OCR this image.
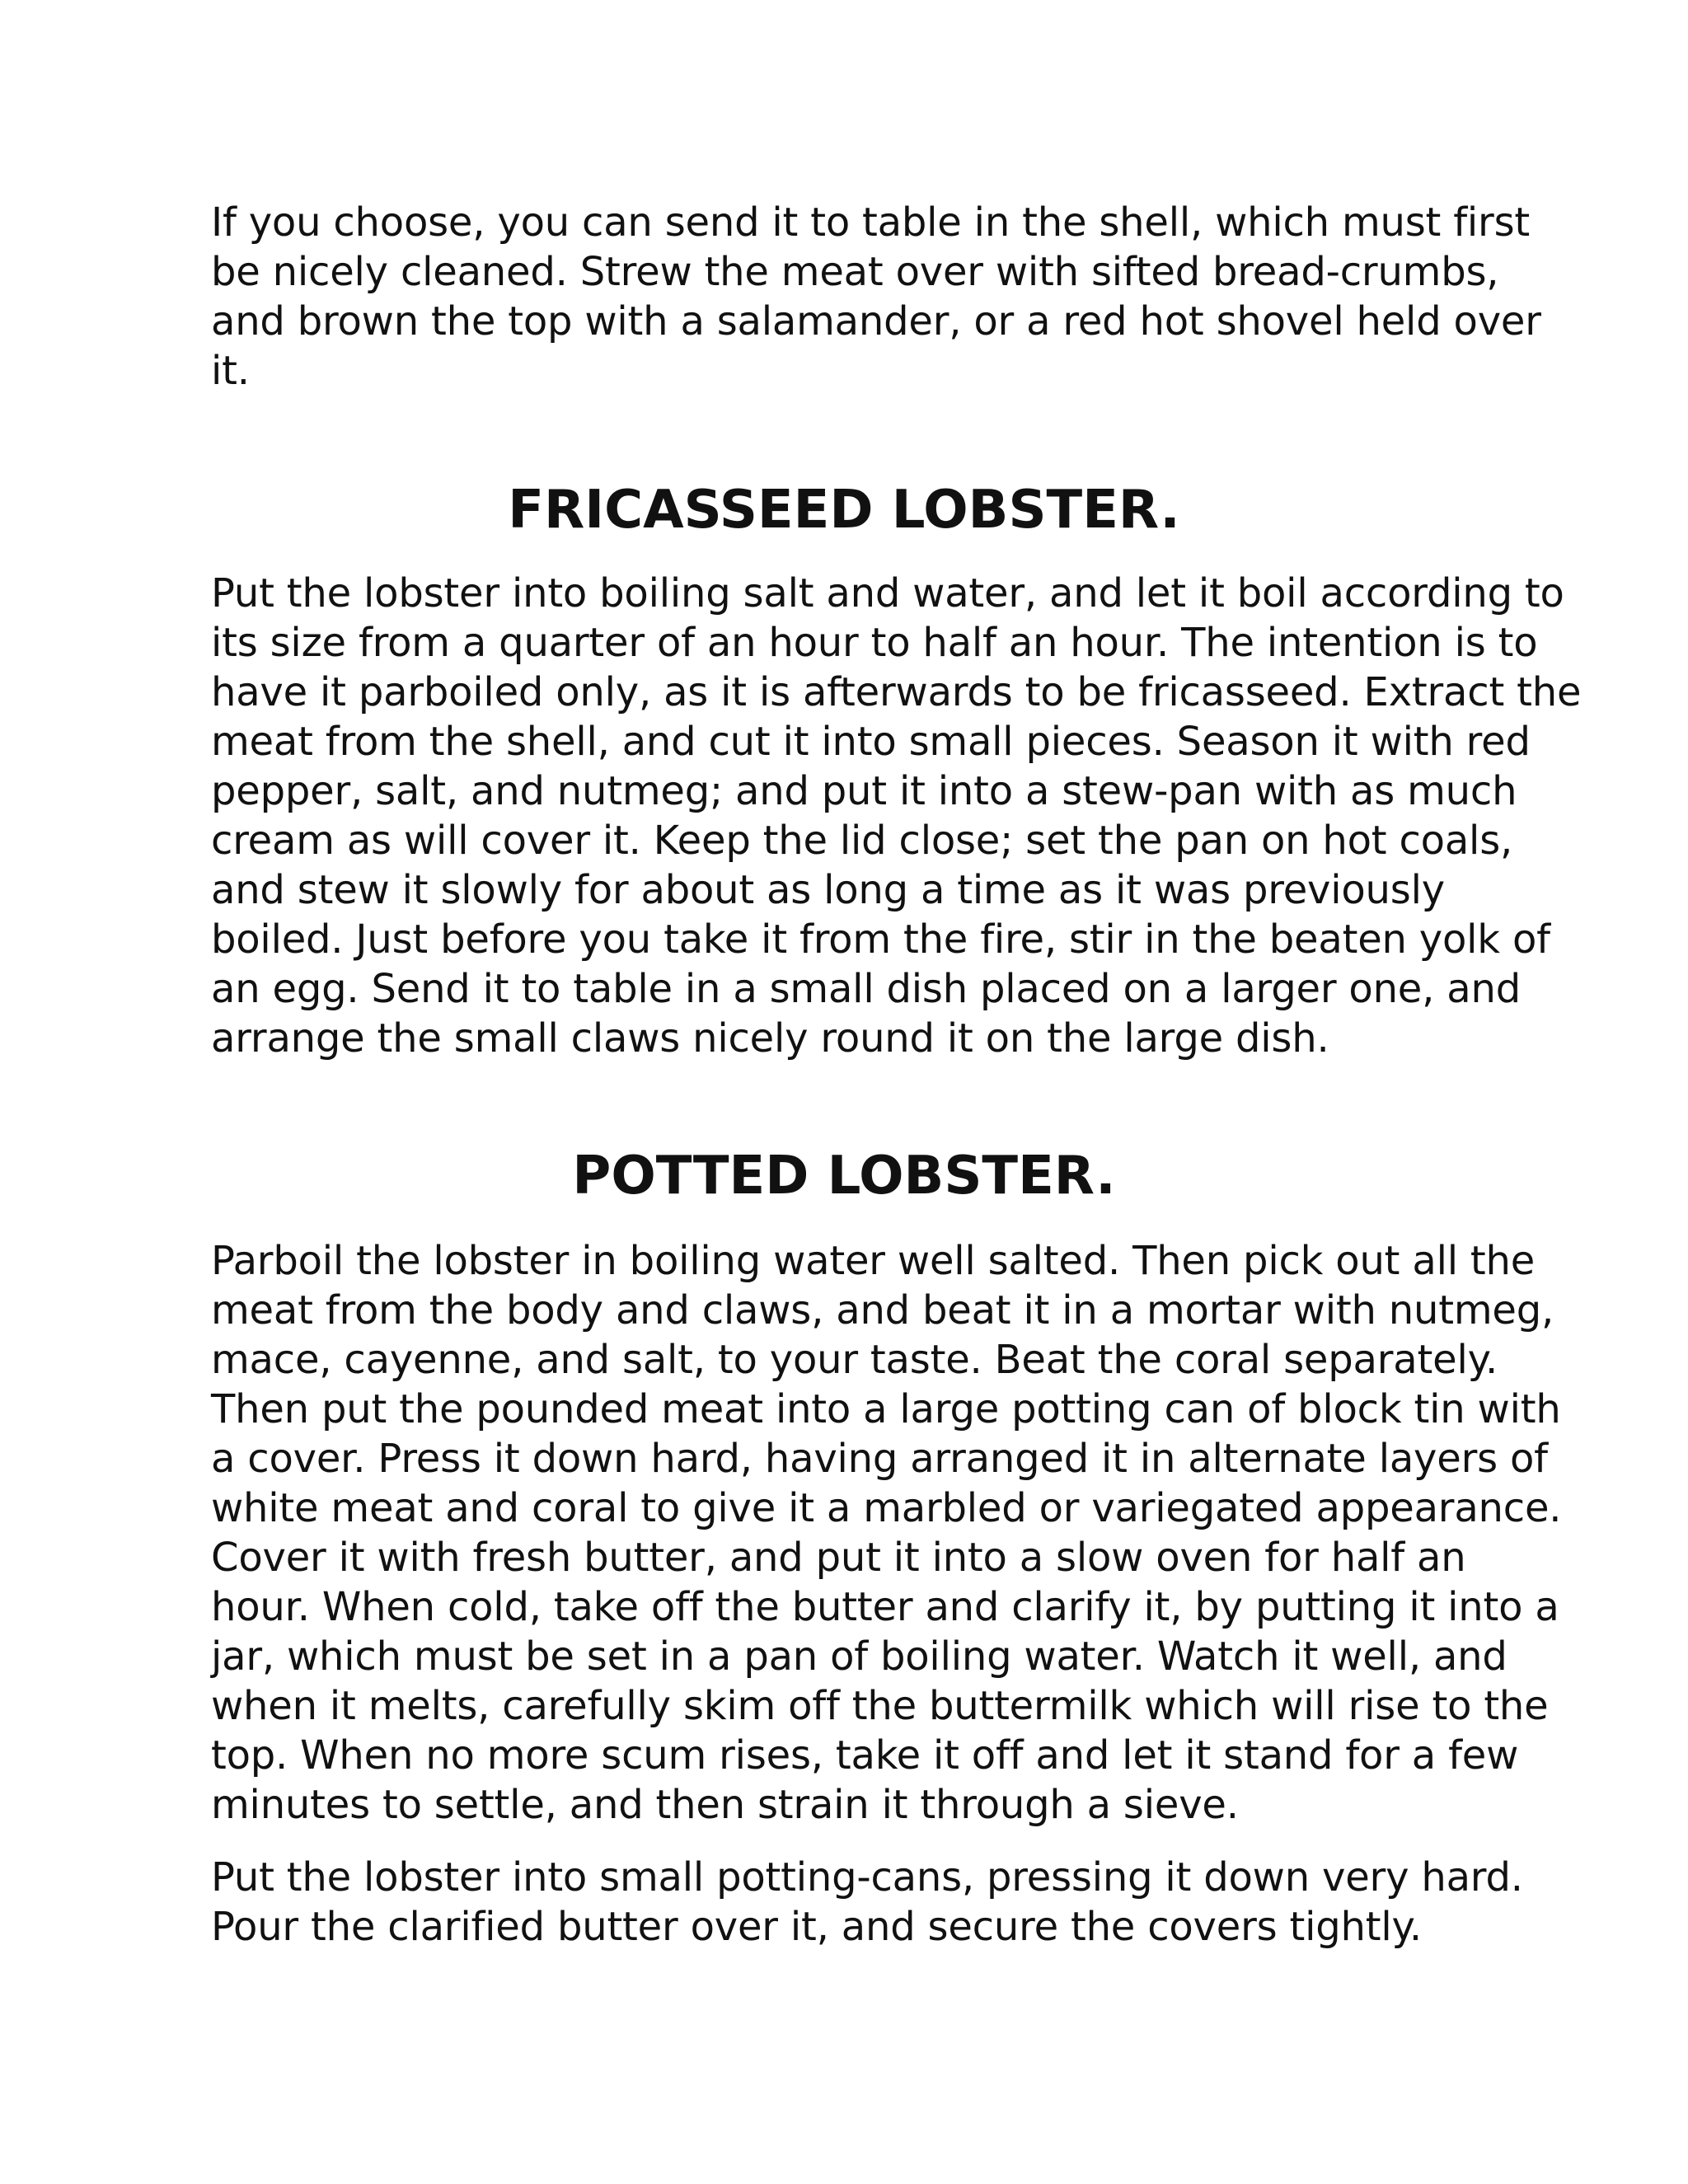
If you choose, you can send it to table in the shell, which must first
be nicely cleaned. Strew the meat over with sifted bread-crumbs,
and brown the top with a salamander, or a red hot shovel held over
it.

FRICASSEED LOBSTER.

Put the lobster into boiling salt and water, and let it boil according to
its size from a quarter of an hour to half an hour. The intention is to
have it parboiled only, as it is afterwards to be fricasseed. Extract the
meat from the shell, and cut it into small pieces. Season it with red
pepper, salt, and nutmeg; and put it into a stew-pan with as much
cream as will cover it. Keep the lid close; set the pan on hot coals,
and stew it slowly for about as long a time as it was previously
boiled. Just before you take it from the fire, stir in the beaten yolk of
an egg. Send it to table in a small dish placed on a larger one, and
arrange the small claws nicely round it on the large dish.

POTTED LOBSTER.

Parboil the lobster in boiling water well salted. Then pick out all the
meat from the body and claws, and beat it in a mortar with nutmeg,
mace, cayenne, and salt, to your taste. Beat the coral separately.
Then put the pounded meat into a large potting can of block tin with
a cover. Press it down hard, having arranged it in alternate layers of
white meat and coral to give it a marbled or variegated appearance.
Cover it with fresh butter, and put it into a slow oven for half an
hour. When cold, take off the butter and clarify it, by putting it into a
jar, which must be set in a pan of boiling water. Watch it well, and
when it melts, carefully skim off the buttermilk which will rise to the
top. When no more scum rises, take it off and let it stand for a few
minutes to settle, and then strain it through a sieve.

Put the lobster into small potting-cans, pressing it down very hard.
Pour the clarified butter over it, and secure the covers tightly.
